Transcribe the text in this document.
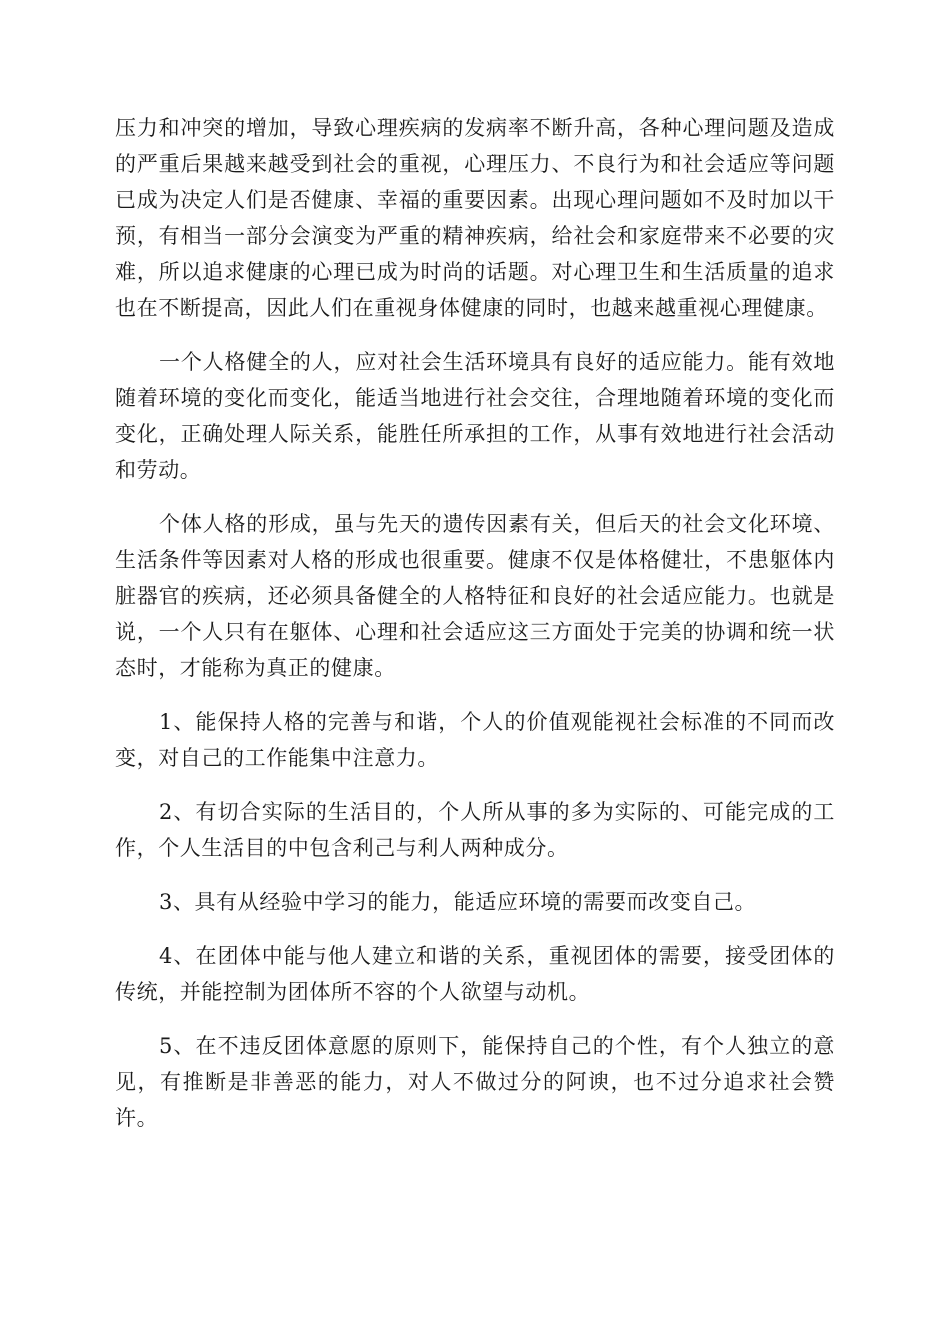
压力和冲突的增加，导致心理疾病的发病率不断升高，各种心理问题及造成的严重后果越来越受到社会的重视，心理压力、不良行为和社会适应等问题已成为决定人们是否健康、幸福的重要因素。出现心理问题如不及时加以干预，有相当一部分会演变为严重的精神疾病，给社会和家庭带来不必要的灾难，所以追求健康的心理已成为时尚的话题。对心理卫生和生活质量的追求也在不断提高，因此人们在重视身体健康的同时，也越来越重视心理健康。

一个人格健全的人，应对社会生活环境具有良好的适应能力。能有效地随着环境的变化而变化，能适当地进行社会交往，合理地随着环境的变化而变化，正确处理人际关系，能胜任所承担的工作，从事有效地进行社会活动和劳动。

个体人格的形成，虽与先天的遗传因素有关，但后天的社会文化环境、生活条件等因素对人格的形成也很重要。健康不仅是体格健壮，不患躯体内脏器官的疾病，还必须具备健全的人格特征和良好的社会适应能力。也就是说，一个人只有在躯体、心理和社会适应这三方面处于完美的协调和统一状态时，才能称为真正的健康。

1、能保持人格的完善与和谐，个人的价值观能视社会标准的不同而改变，对自己的工作能集中注意力。

2、有切合实际的生活目的，个人所从事的多为实际的、可能完成的工作，个人生活目的中包含利己与利人两种成分。

3、具有从经验中学习的能力，能适应环境的需要而改变自己。

4、在团体中能与他人建立和谐的关系，重视团体的需要，接受团体的传统，并能控制为团体所不容的个人欲望与动机。

5、在不违反团体意愿的原则下，能保持自己的个性，有个人独立的意见，有推断是非善恶的能力，对人不做过分的阿谀，也不过分追求社会赞许。
